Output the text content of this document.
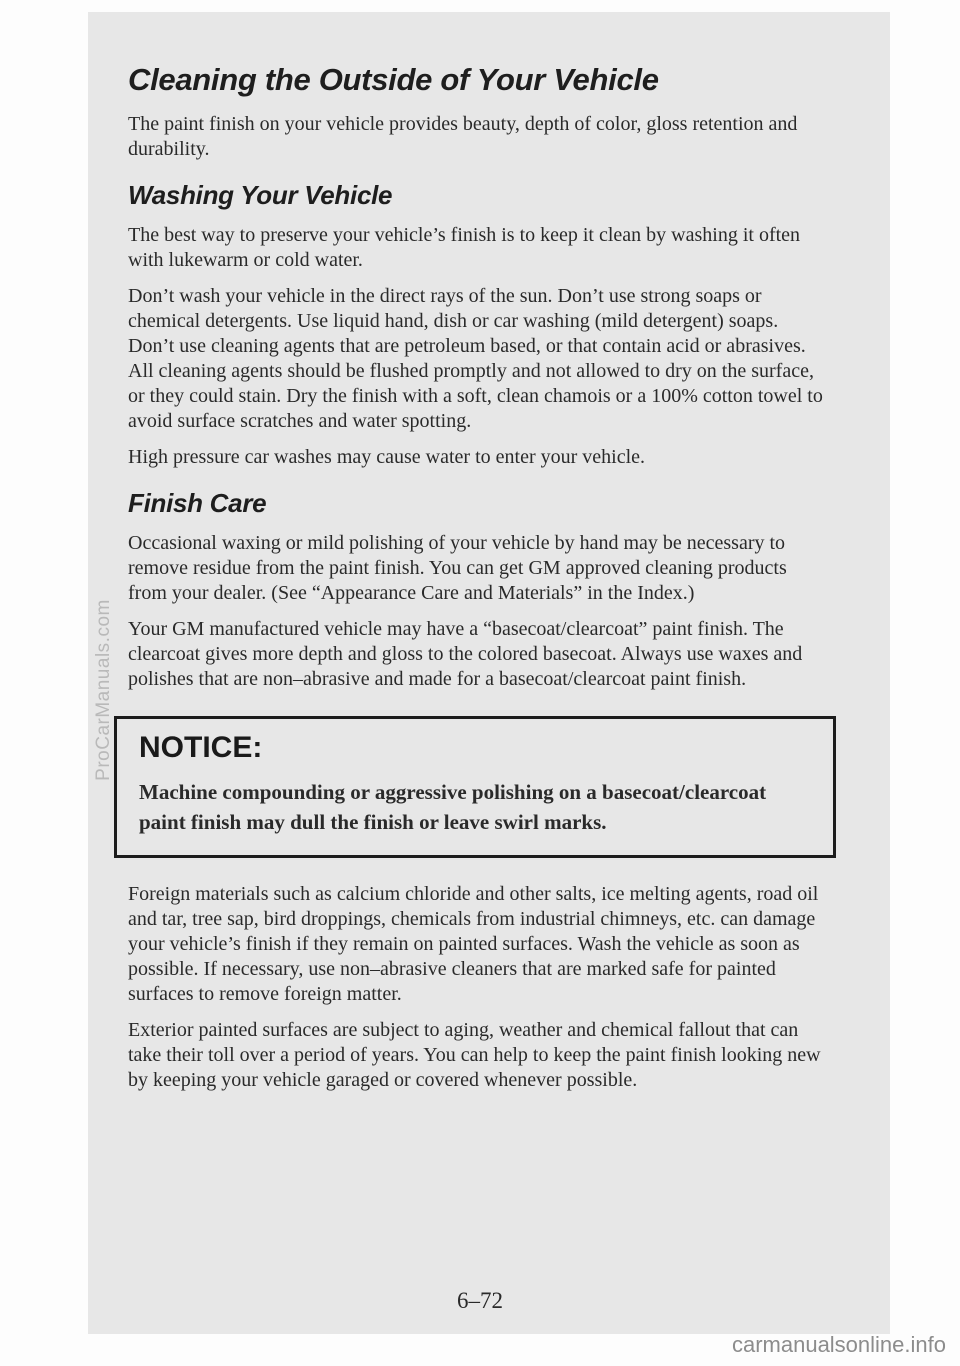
Cleaning the Outside of Your Vehicle

The paint finish on your vehicle provides beauty, depth of color, gloss retention and durability.

Washing Your Vehicle

The best way to preserve your vehicle’s finish is to keep it clean by washing it often with lukewarm or cold water.

Don’t wash your vehicle in the direct rays of the sun. Don’t use strong soaps or chemical detergents. Use liquid hand, dish or car washing (mild detergent) soaps. Don’t use cleaning agents that are petroleum based, or that contain acid or abrasives. All cleaning agents should be flushed promptly and not allowed to dry on the surface, or they could stain. Dry the finish with a soft, clean chamois or a 100% cotton towel to avoid surface scratches and water spotting.

High pressure car washes may cause water to enter your vehicle.

Finish Care

Occasional waxing or mild polishing of your vehicle by hand may be necessary to remove residue from the paint finish. You can get GM approved cleaning products from your dealer. (See “Appearance Care and Materials” in the Index.)

Your GM manufactured vehicle may have a “basecoat/clearcoat” paint finish. The clearcoat gives more depth and gloss to the colored basecoat. Always use waxes and polishes that are non–abrasive and made for a basecoat/clearcoat paint finish.

NOTICE:

Machine compounding or aggressive polishing on a basecoat/clearcoat paint finish may dull the finish or leave swirl marks.

Foreign materials such as calcium chloride and other salts, ice melting agents, road oil and tar, tree sap, bird droppings, chemicals from industrial chimneys, etc. can damage your vehicle’s finish if they remain on painted surfaces. Wash the vehicle as soon as possible. If necessary, use non–abrasive cleaners that are marked safe for painted surfaces to remove foreign matter.

Exterior painted surfaces are subject to aging, weather and chemical fallout that can take their toll over a period of years. You can help to keep the paint finish looking new by keeping your vehicle garaged or covered whenever possible.

6–72
ProCarManuals.com
carmanualsonline.info
